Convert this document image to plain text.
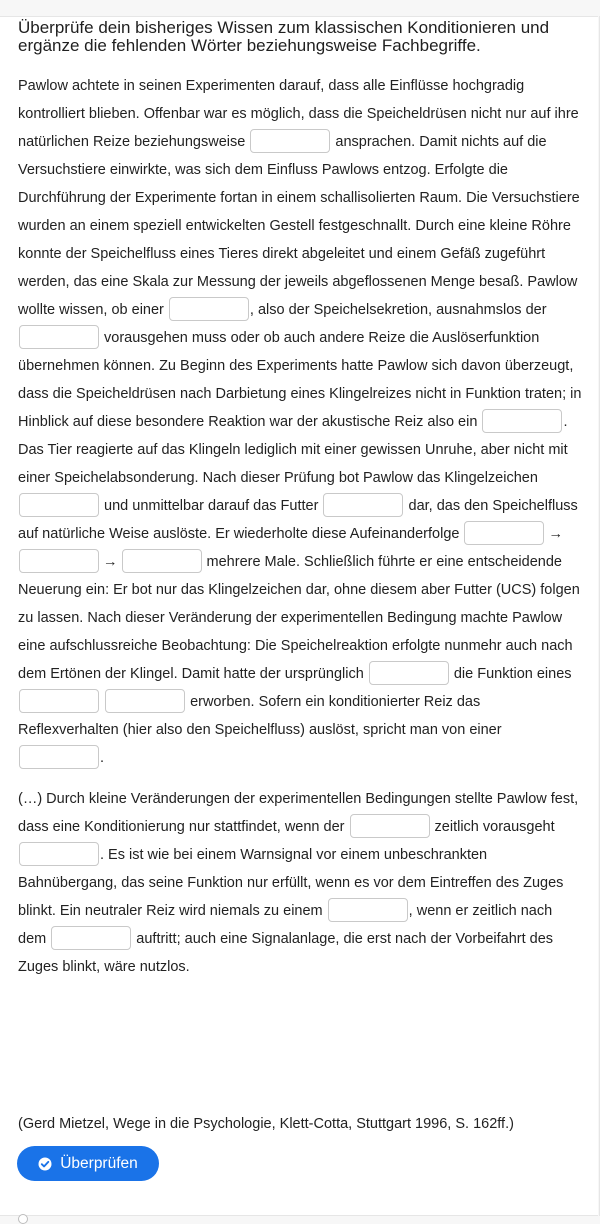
Überprüfe dein bisheriges Wissen zum klassischen Konditionieren und ergänze die fehlenden Wörter beziehungsweise Fachbegriffe.

Pawlow achtete in seinen Experimenten darauf, dass alle Einflüsse hochgradig kontrolliert blieben. Offenbar war es möglich, dass die Speicheldrüsen nicht nur auf ihre natürlichen Reize beziehungsweise	ansprachen. Damit nichts auf die Versuchstiere einwirkte, was sich dem Einfluss Pawlows entzog. Erfolgte die Durchführung der Experimente fortan in einem schallisolierten Raum. Die Versuchstiere wurden an einem speziell entwickelten Gestell festgeschnallt. Durch eine kleine Röhre konnte der Speichelfluss eines Tieres direkt abgeleitet und einem Gefäß zugeführt werden, das eine Skala zur Messung der jeweils abgeflossenen Menge besaß. Pawlow wollte wissen, ob einer	, also der Speichelsekretion, ausnahmslos der  vorausgehen muss oder ob auch andere Reize die Auslöserfunktion übernehmen können. Zu Beginn des Experiments hatte Pawlow sich davon überzeugt, dass die Speicheldrüsen nach Darbietung eines Klingelreizes nicht in Funktion traten; in Hinblick auf diese besondere Reaktion war der akustische Reiz also ein	. Das Tier reagierte auf das Klingeln lediglich mit einer gewissen Unruhe, aber nicht mit einer Speichelabsonderung. Nach dieser Prüfung bot Pawlow das Klingelzeichen  und unmittelbar darauf das Futter	dar, das den Speichelfluss auf natürliche Weise auslöste. Er wiederholte diese Aufeinanderfolge	→→	mehrere Male. Schließlich führte er eine entscheidende Neuerung ein: Er bot nur das Klingelzeichen dar, ohne diesem aber Futter (UCS) folgen zu lassen. Nach dieser Veränderung der experimentellen Bedingung machte Pawlow eine aufschlussreiche Beobachtung: Die Speichelreaktion erfolgte nunmehr auch nach dem Ertönen der Klingel. Damit hatte der ursprünglich	die Funktion eines   erworben. Sofern ein konditionierter Reiz das Reflexverhalten (hier also den Speichelfluss) auslöst, spricht man von einer .

(…) Durch kleine Veränderungen der experimentellen Bedingungen stellte Pawlow fest, dass eine Konditionierung nur stattfindet, wenn der	zeitlich vorausgeht . Es ist wie bei einem Warnsignal vor einem unbeschrankten Bahnübergang, das seine Funktion nur erfüllt, wenn es vor dem Eintreffen des Zuges blinkt. Ein neutraler Reiz wird niemals zu einem	, wenn er zeitlich nach dem	auftritt; auch eine Signalanlage, die erst nach der Vorbeifahrt des Zuges blinkt, wäre nutzlos.

(Gerd Mietzel, Wege in die Psychologie, Klett-Cotta, Stuttgart 1996, S. 162ff.)

Überprüfen
